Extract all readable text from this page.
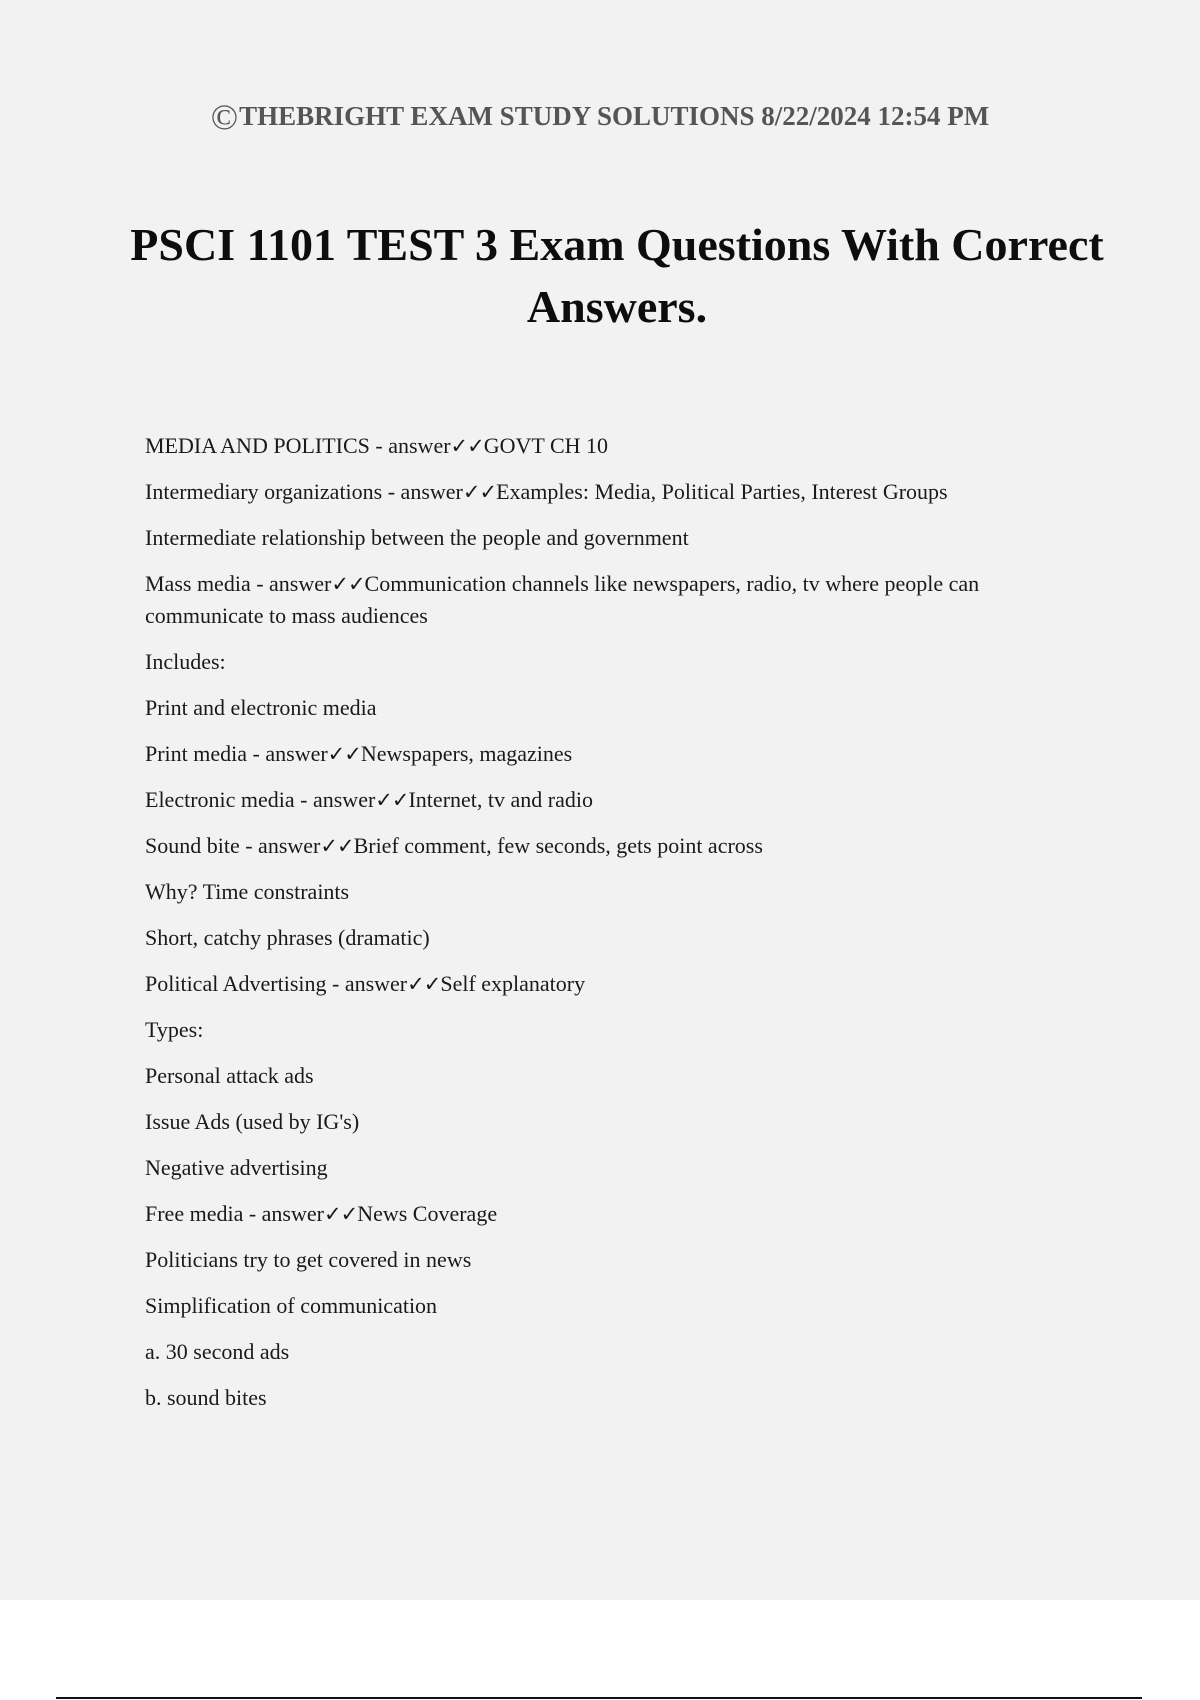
©THEBRIGHT EXAM STUDY SOLUTIONS 8/22/2024 12:54 PM
PSCI 1101 TEST 3 Exam Questions With Correct Answers.
MEDIA AND POLITICS - answer✓✓GOVT CH 10
Intermediary organizations - answer✓✓Examples: Media, Political Parties, Interest Groups
Intermediate relationship between the people and government
Mass media - answer✓✓Communication channels like newspapers, radio, tv where people can communicate to mass audiences
Includes:
Print and electronic media
Print media - answer✓✓Newspapers, magazines
Electronic media - answer✓✓Internet, tv and radio
Sound bite - answer✓✓Brief comment, few seconds, gets point across
Why? Time constraints
Short, catchy phrases (dramatic)
Political Advertising - answer✓✓Self explanatory
Types:
Personal attack ads
Issue Ads (used by IG's)
Negative advertising
Free media - answer✓✓News Coverage
Politicians try to get covered in news
Simplification of communication
a. 30 second ads
b. sound bites
